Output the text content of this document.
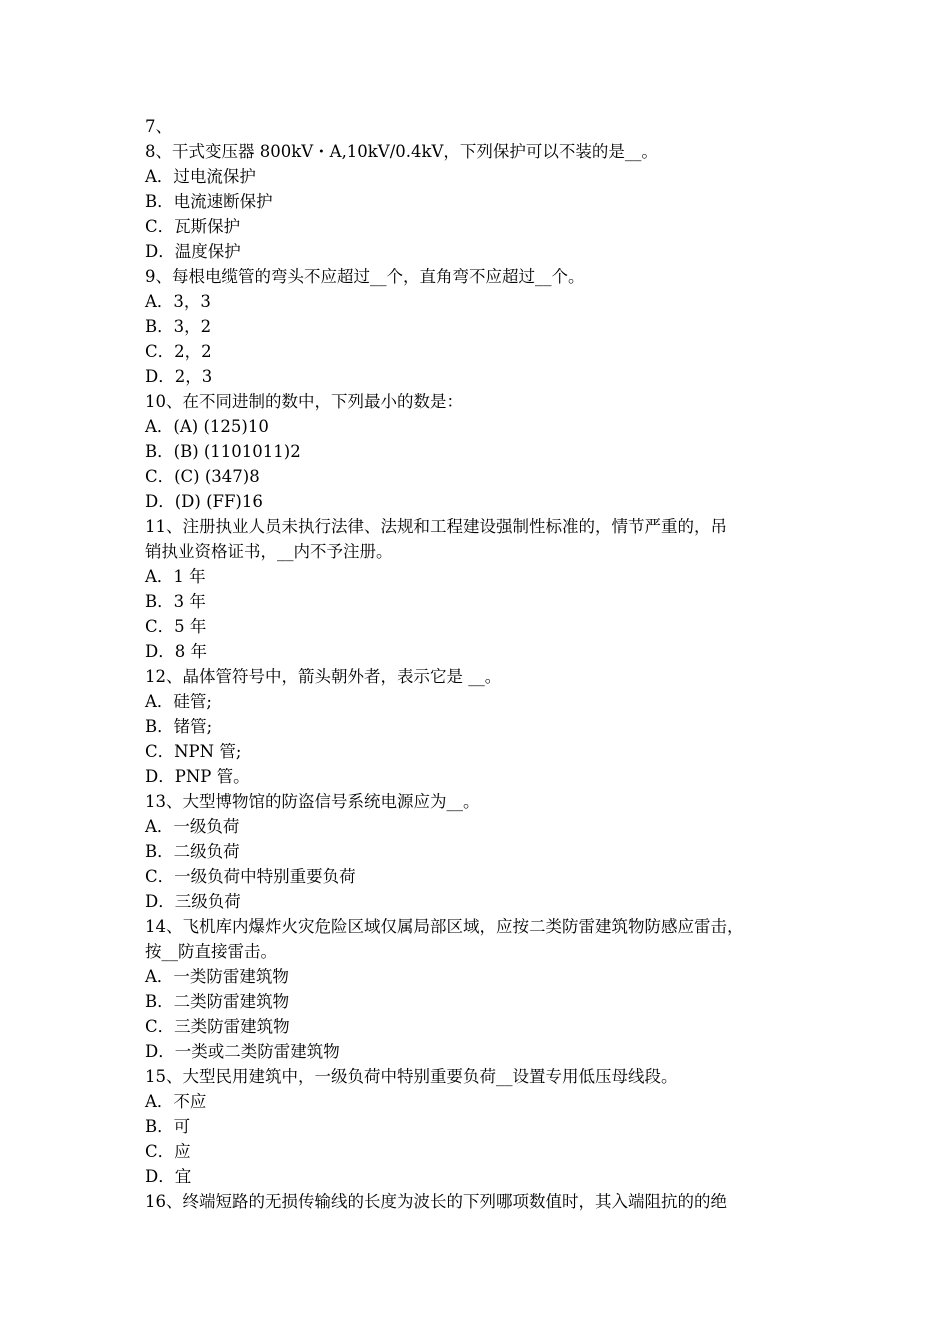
7、
8、干式变压器 800kV・A,10kV/0.4kV，下列保护可以不装的是__。
A．过电流保护
B．电流速断保护
C．瓦斯保护
D．温度保护
9、每根电缆管的弯头不应超过__个，直角弯不应超过__个。
A．3，3
B．3，2
C．2，2
D．2，3
10、在不同进制的数中，下列最小的数是：
A．(A) (125)10
B．(B) (1101011)2
C．(C) (347)8
D．(D) (FF)16
11、注册执业人员未执行法律、法规和工程建设强制性标准的，情节严重的，吊
销执业资格证书，__内不予注册。
A．1 年
B．3 年
C．5 年
D．8 年
12、晶体管符号中，箭头朝外者，表示它是 __。
A．硅管;
B．锗管;
C．NPN 管;
D．PNP 管。
13、大型博物馆的防盗信号系统电源应为__。
A．一级负荷
B．二级负荷
C．一级负荷中特别重要负荷
D．三级负荷
14、飞机库内爆炸火灾危险区域仅属局部区域，应按二类防雷建筑物防感应雷击，
按__防直接雷击。
A．一类防雷建筑物
B．二类防雷建筑物
C．三类防雷建筑物
D．一类或二类防雷建筑物
15、大型民用建筑中，一级负荷中特别重要负荷__设置专用低压母线段。
A．不应
B．可
C．应
D．宜
16、终端短路的无损传输线的长度为波长的下列哪项数值时，其入端阻抗的的绝
